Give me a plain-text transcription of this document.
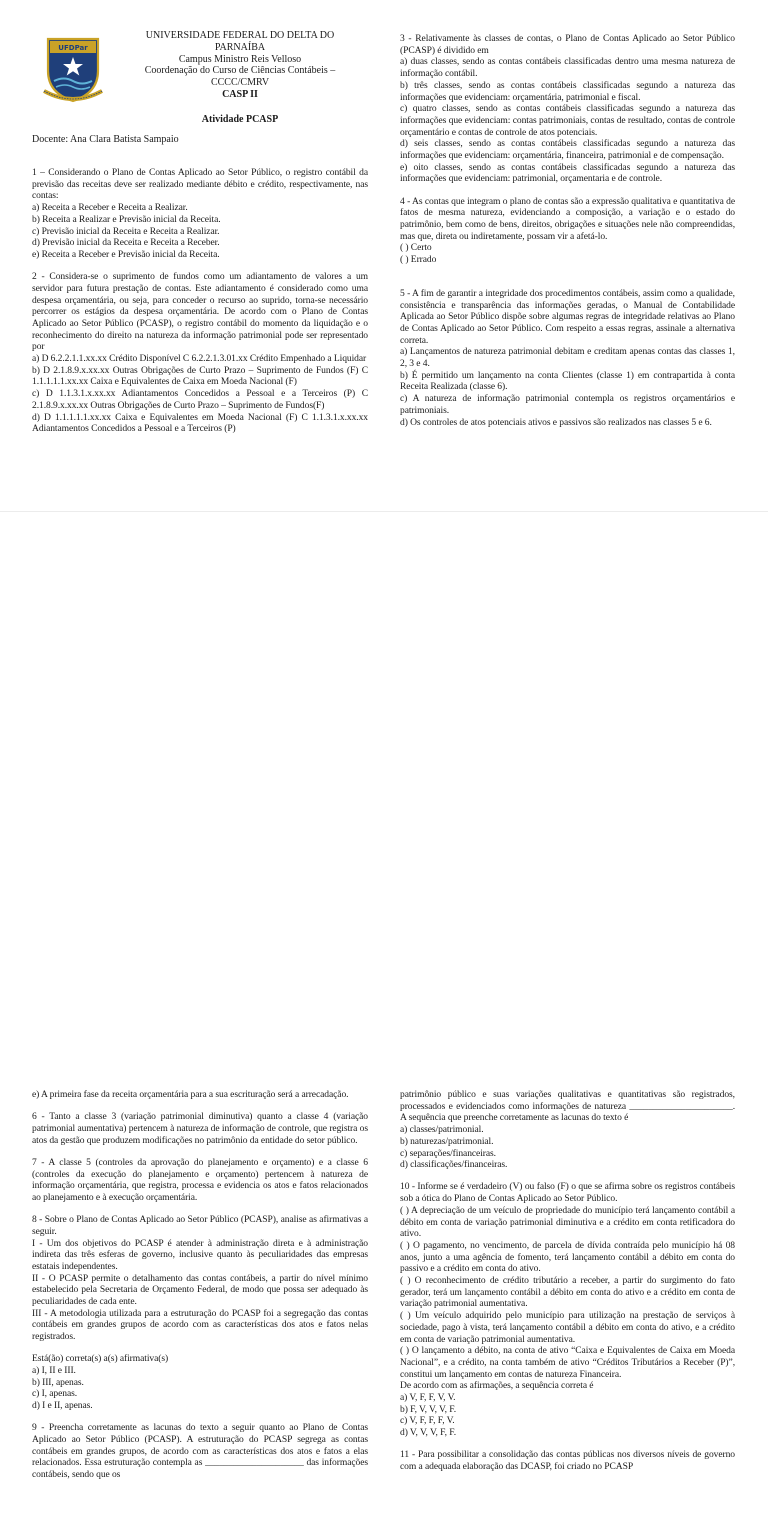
UFDPar
UNIVERSIDADE FEDERAL DO DELTA DO PARNAÍBA
Campus Ministro Reis Velloso
Coordenação do Curso de Ciências Contábeis – CCCC/CMRV
CASP II
Atividade PCASP
Docente: Ana Clara Batista Sampaio

1 – Considerando o Plano de Contas Aplicado ao Setor Público, o registro contábil da previsão das receitas deve ser realizado mediante débito e crédito, respectivamente, nas contas:

a) Receita a Receber e Receita a Realizar.

b) Receita a Realizar e Previsão inicial da Receita.

c) Previsão inicial da Receita e Receita a Realizar.

d) Previsão inicial da Receita e Receita a Receber.

e) Receita a Receber e Previsão inicial da Receita.

2 - Considera-se o suprimento de fundos como um adiantamento de valores a um servidor para futura prestação de contas. Este adiantamento é considerado como uma despesa orçamentária, ou seja, para conceder o recurso ao suprido, torna-se necessário percorrer os estágios da despesa orçamentária. De acordo com o Plano de Contas Aplicado ao Setor Público (PCASP), o registro contábil do momento da liquidação e o reconhecimento do direito na natureza da informação patrimonial pode ser representado por

a) D 6.2.2.1.1.xx.xx Crédito Disponível C 6.2.2.1.3.01.xx Crédito Empenhado a Liquidar

b) D 2.1.8.9.x.xx.xx Outras Obrigações de Curto Prazo – Suprimento de Fundos (F) C 1.1.1.1.1.xx.xx Caixa e Equivalentes de Caixa em Moeda Nacional (F)

c) D 1.1.3.1.x.xx.xx Adiantamentos Concedidos a Pessoal e a Terceiros (P) C 2.1.8.9.x.xx.xx Outras Obrigações de Curto Prazo – Suprimento de Fundos(F)

d) D 1.1.1.1.1.xx.xx Caixa e Equivalentes em Moeda Nacional (F) C 1.1.3.1.x.xx.xx Adiantamentos Concedidos a Pessoal e a Terceiros (P)

3 - Relativamente às classes de contas, o Plano de Contas Aplicado ao Setor Público (PCASP) é dividido em

a) duas classes, sendo as contas contábeis classificadas dentro uma mesma natureza de informação contábil.

b) três classes, sendo as contas contábeis classificadas segundo a natureza das informações que evidenciam: orçamentária, patrimonial e fiscal.

c) quatro classes, sendo as contas contábeis classificadas segundo a natureza das informações que evidenciam: contas patrimoniais, contas de resultado, contas de controle orçamentário e contas de controle de atos potenciais.

d) seis classes, sendo as contas contábeis classificadas segundo a natureza das informações que evidenciam: orçamentária, financeira, patrimonial e de compensação.

e) oito classes, sendo as contas contábeis classificadas segundo a natureza das informações que evidenciam: patrimonial, orçamentaria e de controle.

4 - As contas que integram o plano de contas são a expressão qualitativa e quantitativa de fatos de mesma natureza, evidenciando a composição, a variação e o estado do patrimônio, bem como de bens, direitos, obrigações e situações nele não compreendidas, mas que, direta ou indiretamente, possam vir a afetá-lo.

( ) Certo

( ) Errado

5 - A fim de garantir a integridade dos procedimentos contábeis, assim como a qualidade, consistência e transparência das informações geradas, o Manual de Contabilidade Aplicada ao Setor Público dispõe sobre algumas regras de integridade relativas ao Plano de Contas Aplicado ao Setor Público. Com respeito a essas regras, assinale a alternativa correta.

a) Lançamentos de natureza patrimonial debitam e creditam apenas contas das classes 1, 2, 3 e 4.

b) É permitido um lançamento na conta Clientes (classe 1) em contrapartida à conta Receita Realizada (classe 6).

c) A natureza de informação patrimonial contempla os registros orçamentários e patrimoniais.

d) Os controles de atos potenciais ativos e passivos são realizados nas classes 5 e 6.

e) A primeira fase da receita orçamentária para a sua escrituração será a arrecadação.

6 - Tanto a classe 3 (variação patrimonial diminutiva) quanto a classe 4 (variação patrimonial aumentativa) pertencem à natureza de informação de controle, que registra os atos da gestão que produzem modificações no patrimônio da entidade do setor público.

7 - A classe 5 (controles da aprovação do planejamento e orçamento) e a classe 6 (controles da execução do planejamento e orçamento) pertencem à natureza de informação orçamentária, que registra, processa e evidencia os atos e fatos relacionados ao planejamento e à execução orçamentária.

8 - Sobre o Plano de Contas Aplicado ao Setor Público (PCASP), analise as afirmativas a seguir.

I - Um dos objetivos do PCASP é atender à administração direta e à administração indireta das três esferas de governo, inclusive quanto às peculiaridades das empresas estatais independentes.

II - O PCASP permite o detalhamento das contas contábeis, a partir do nível mínimo estabelecido pela Secretaria de Orçamento Federal, de modo que possa ser adequado às peculiaridades de cada ente.

III - A metodologia utilizada para a estruturação do PCASP foi a segregação das contas contábeis em grandes grupos de acordo com as características dos atos e fatos nelas registrados.

Está(ão) correta(s) a(s) afirmativa(s)

a) I, II e III.

b) III, apenas.

c) I, apenas.

d) I e II, apenas.

9 - Preencha corretamente as lacunas do texto a seguir quanto ao Plano de Contas Aplicado ao Setor Público (PCASP). A estruturação do PCASP segrega as contas contábeis em grandes grupos, de acordo com as características dos atos e fatos a elas relacionados. Essa estruturação contempla as _____________________ das informações contábeis, sendo que os

patrimônio público e suas variações qualitativas e quantitativas são registrados, processados e evidenciados como informações de natureza ______________________. A sequência que preenche corretamente as lacunas do texto é

a) classes/patrimonial.

b) naturezas/patrimonial.

c) separações/financeiras.

d) classificações/financeiras.

10 - Informe se é verdadeiro (V) ou falso (F) o que se afirma sobre os registros contábeis sob a ótica do Plano de Contas Aplicado ao Setor Público.

( ) A depreciação de um veículo de propriedade do município terá lançamento contábil a débito em conta de variação patrimonial diminutiva e a crédito em conta retificadora do ativo.

( ) O pagamento, no vencimento, de parcela de dívida contraída pelo município há 08 anos, junto a uma agência de fomento, terá lançamento contábil a débito em conta do passivo e a crédito em conta do ativo.

( ) O reconhecimento de crédito tributário a receber, a partir do surgimento do fato gerador, terá um lançamento contábil a débito em conta do ativo e a crédito em conta de variação patrimonial aumentativa.

( ) Um veículo adquirido pelo município para utilização na prestação de serviços à sociedade, pago à vista, terá lançamento contábil a débito em conta do ativo, e a crédito em conta de variação patrimonial aumentativa.

( ) O lançamento a débito, na conta de ativo “Caixa e Equivalentes de Caixa em Moeda Nacional”, e a crédito, na conta também de ativo “Créditos Tributários a Receber (P)”, constitui um lançamento em contas de natureza Financeira.

De acordo com as afirmações, a sequência correta é

a) V, F, F, V, V.

b) F, V, V, V, F.

c) V, F, F, F, V.

d) V, V, V, F, F.

11 - Para possibilitar a consolidação das contas públicas nos diversos níveis de governo com a adequada elaboração das DCASP, foi criado no PCASP
